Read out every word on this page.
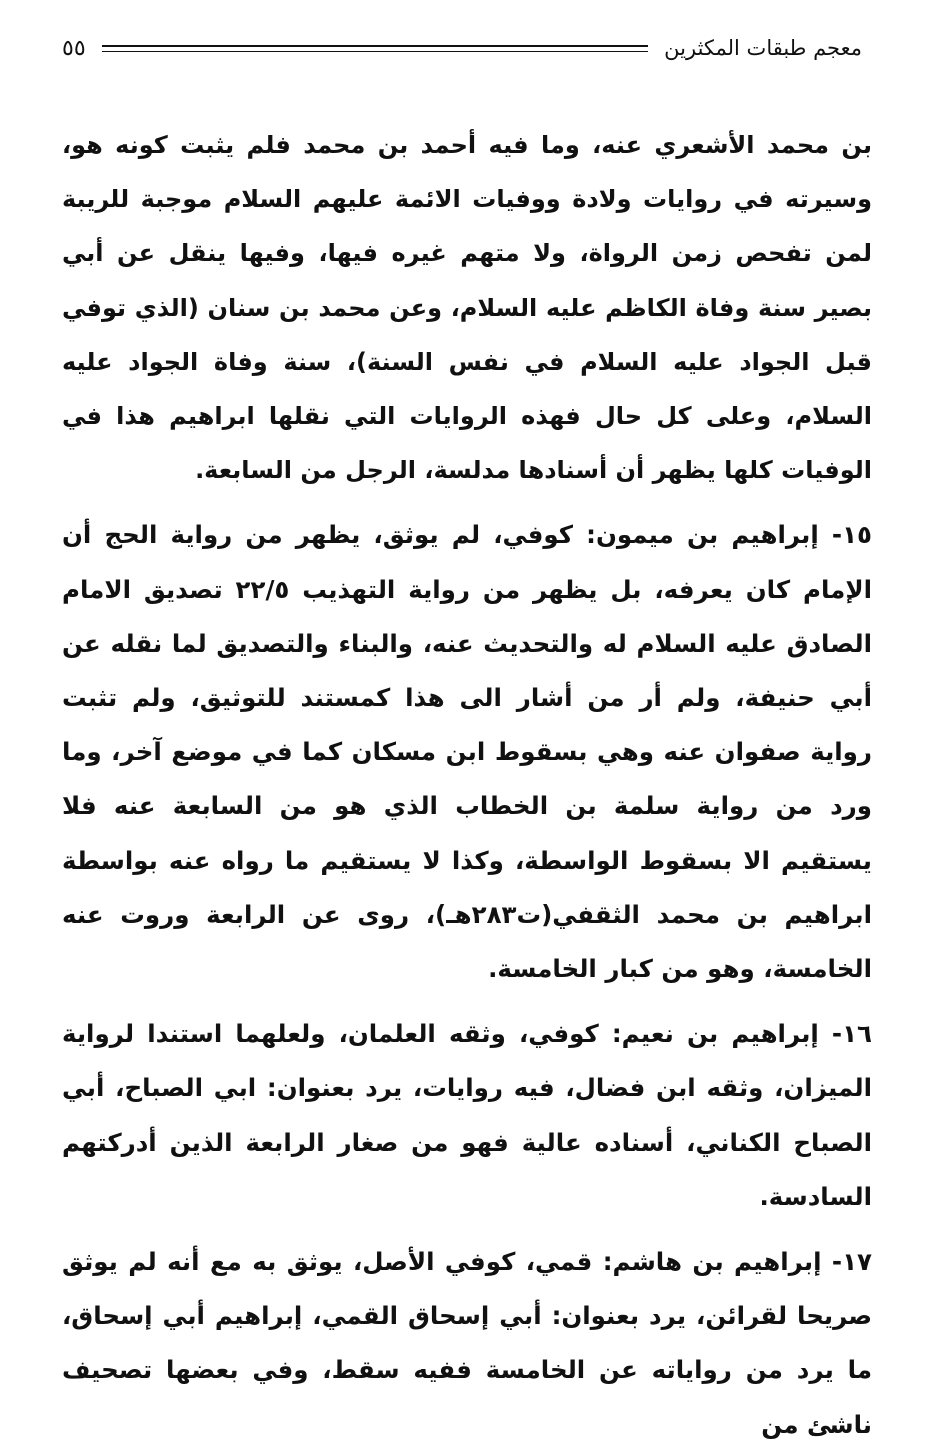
معجم طبقات المكثرين
٥٥

بن محمد الأشعري عنه، وما فيه أحمد بن محمد فلم يثبت كونه هو، وسيرته في روايات ولادة ووفيات الائمة عليهم السلام موجبة للريبة لمن تفحص زمن الرواة، ولا متهم غيره فيها، وفيها ينقل عن أبي بصير سنة وفاة الكاظم عليه السلام، وعن محمد بن سنان (الذي توفي قبل الجواد عليه السلام في نفس السنة)، سنة وفاة الجواد عليه السلام، وعلى كل حال فهذه الروايات التي نقلها ابراهيم هذا في الوفيات كلها يظهر أن أسنادها مدلسة، الرجل من السابعة.

١٥- إبراهيم بن ميمون: كوفي، لم يوثق، يظهر من رواية الحج أن الإمام كان يعرفه، بل يظهر من رواية التهذيب ٢٢/٥ تصديق الامام الصادق عليه السلام له والتحديث عنه، والبناء والتصديق لما نقله عن أبي حنيفة، ولم أر من أشار الى هذا كمستند للتوثيق، ولم تثبت رواية صفوان عنه وهي بسقوط ابن مسكان كما في موضع آخر، وما ورد من رواية سلمة بن الخطاب الذي هو من السابعة عنه فلا يستقيم الا بسقوط الواسطة، وكذا لا يستقيم ما رواه عنه بواسطة ابراهيم بن محمد الثقفي(ت٢٨٣هـ)، روى عن الرابعة وروت عنه الخامسة، وهو من كبار الخامسة.

١٦- إبراهيم بن نعيم: كوفي، وثقه العلمان، ولعلهما استندا لرواية الميزان، وثقه ابن فضال، فيه روايات، يرد بعنوان: ابي الصباح، أبي الصباح الكناني، أسناده عالية فهو من صغار الرابعة الذين أدركتهم السادسة.

١٧- إبراهيم بن هاشم: قمي، كوفي الأصل، يوثق به مع أنه لم يوثق صريحا لقرائن، يرد بعنوان: أبي إسحاق القمي، إبراهيم أبي إسحاق، ما يرد من رواياته عن الخامسة ففيه سقط، وفي بعضها تصحيف ناشئ من
